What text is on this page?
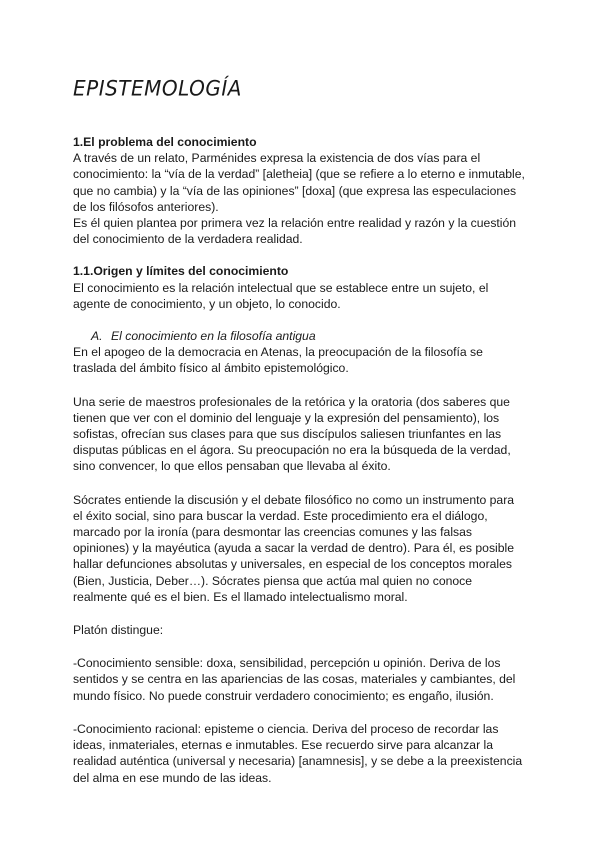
EPISTEMOLOGÍA

1.El problema del conocimiento

A través de un relato, Parménides expresa la existencia de dos vías para el conocimiento: la “vía de la verdad” [aletheia] (que se refiere a lo eterno e inmutable, que no cambia) y la “vía de las opiniones” [doxa] (que expresa las especulaciones de los filósofos anteriores).

Es él quien plantea por primera vez la relación entre realidad y razón y la cuestión del conocimiento de la verdadera realidad.

1.1.Origen y límites del conocimiento

El conocimiento es la relación intelectual que se establece entre un sujeto, el agente de conocimiento, y un objeto, lo conocido.

A. El conocimiento en la filosofía antigua

En el apogeo de la democracia en Atenas, la preocupación de la filosofía se traslada del ámbito físico al ámbito epistemológico.

Una serie de maestros profesionales de la retórica y la oratoria (dos saberes que tienen que ver con el dominio del lenguaje y la expresión del pensamiento), los sofistas, ofrecían sus clases para que sus discípulos saliesen triunfantes en las disputas públicas en el ágora. Su preocupación no era la búsqueda de la verdad, sino convencer, lo que ellos pensaban que llevaba al éxito.

Sócrates entiende la discusión y el debate filosófico no como un instrumento para el éxito social, sino para buscar la verdad. Este procedimiento era el diálogo, marcado por la ironía (para desmontar las creencias comunes y las falsas opiniones) y la mayéutica (ayuda a sacar la verdad de dentro). Para él, es posible hallar defunciones absolutas y universales, en especial de los conceptos morales (Bien, Justicia, Deber…). Sócrates piensa que actúa mal quien no conoce realmente qué es el bien. Es el llamado intelectualismo moral.

Platón distingue:

-Conocimiento sensible: doxa, sensibilidad, percepción u opinión. Deriva de los sentidos y se centra en las apariencias de las cosas, materiales y cambiantes, del mundo físico. No puede construir verdadero conocimiento; es engaño, ilusión.

-Conocimiento racional: episteme o ciencia. Deriva del proceso de recordar las ideas, inmateriales, eternas e inmutables. Ese recuerdo sirve para alcanzar la realidad auténtica (universal y necesaria) [anamnesis], y se debe a la preexistencia del alma en ese mundo de las ideas.
